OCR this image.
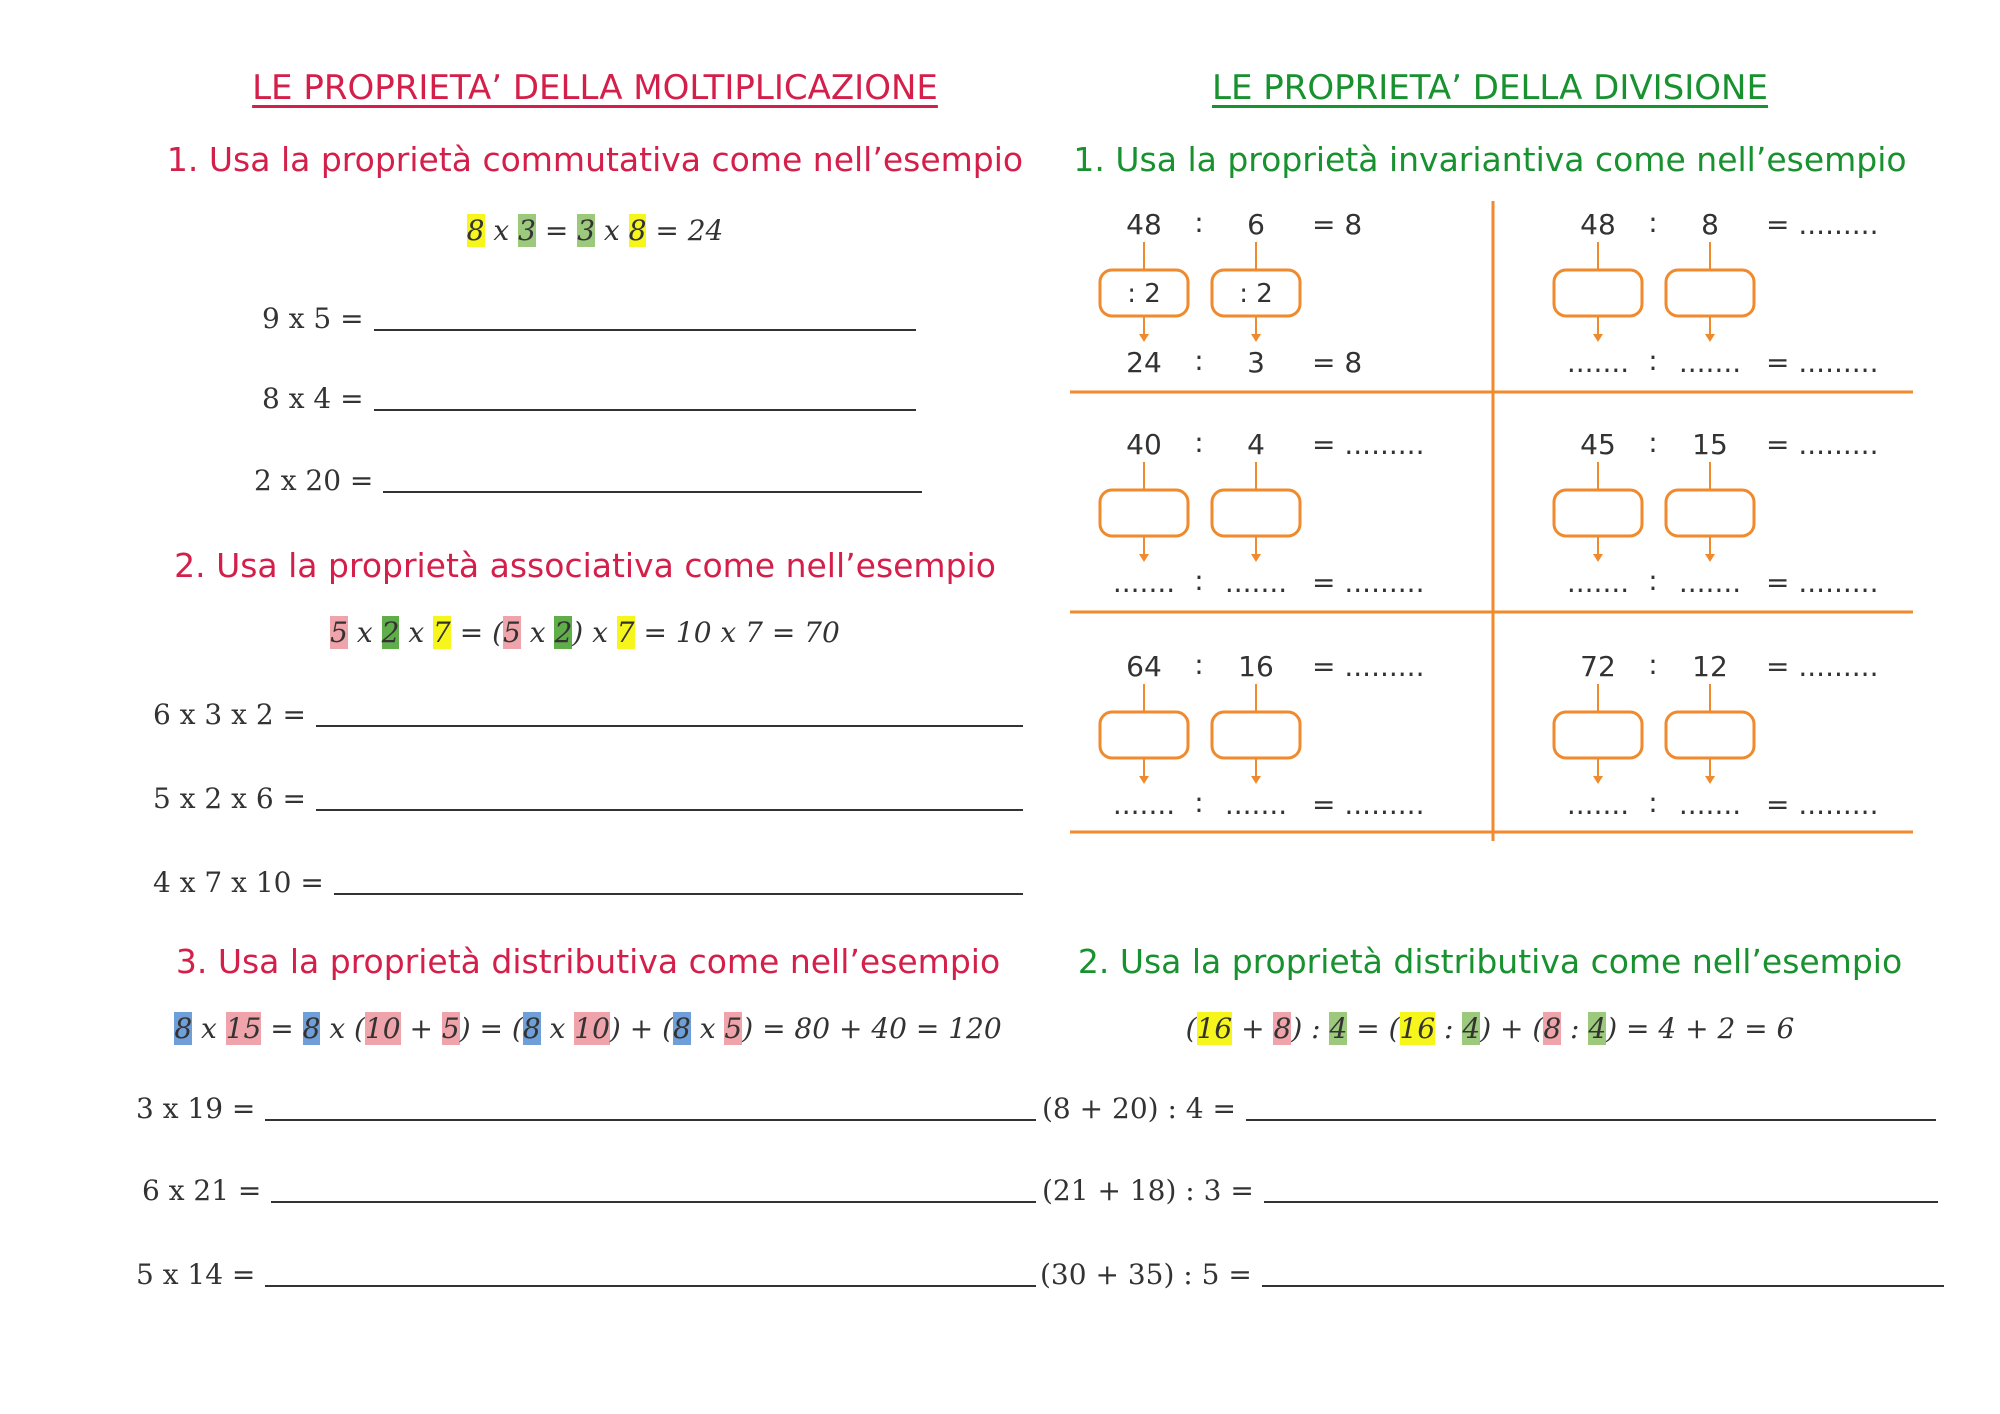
LE PROPRIETA’ DELLA MOLTIPLICAZIONE
1. Usa la proprietà commutativa come nell’esempio
8 x 3 = 3 x 8 = 24
9 x 5 =
8 x 4 =
2 x 20 =
2. Usa la proprietà associativa come nell’esempio
5 x 2 x 7 = (5 x 2) x 7 = 10 x 7 = 70
6 x 3 x 2 =
5 x 2 x 6 =
4 x 7 x 10 =
3. Usa la proprietà distributiva come nell’esempio
8 x 15 = 8 x (10 + 5) = (8 x 10) + (8 x 5) = 80 + 40 = 120
3 x 19 =
6 x 21 =
5 x 14 =
LE PROPRIETA’ DELLA DIVISIONE
1. Usa la proprietà invariantiva come nell’esempio
48 : 6 = 8
: 2	: 2
24 : 3 = 8
48 : 8 = .........
....... : ....... = .........
40 : 4 = .........
....... : ....... = .........
45 : 15 = .........
....... : ....... = .........
64 : 16 = .........
....... : ....... = .........
72 : 12 = .........
....... : ....... = .........
2. Usa la proprietà distributiva come nell’esempio
(16 + 8) : 4 = (16 : 4) + (8 : 4) = 4 + 2 = 6
(8 + 20) : 4 =
(21 + 18) : 3 =
(30 + 35) : 5 =
